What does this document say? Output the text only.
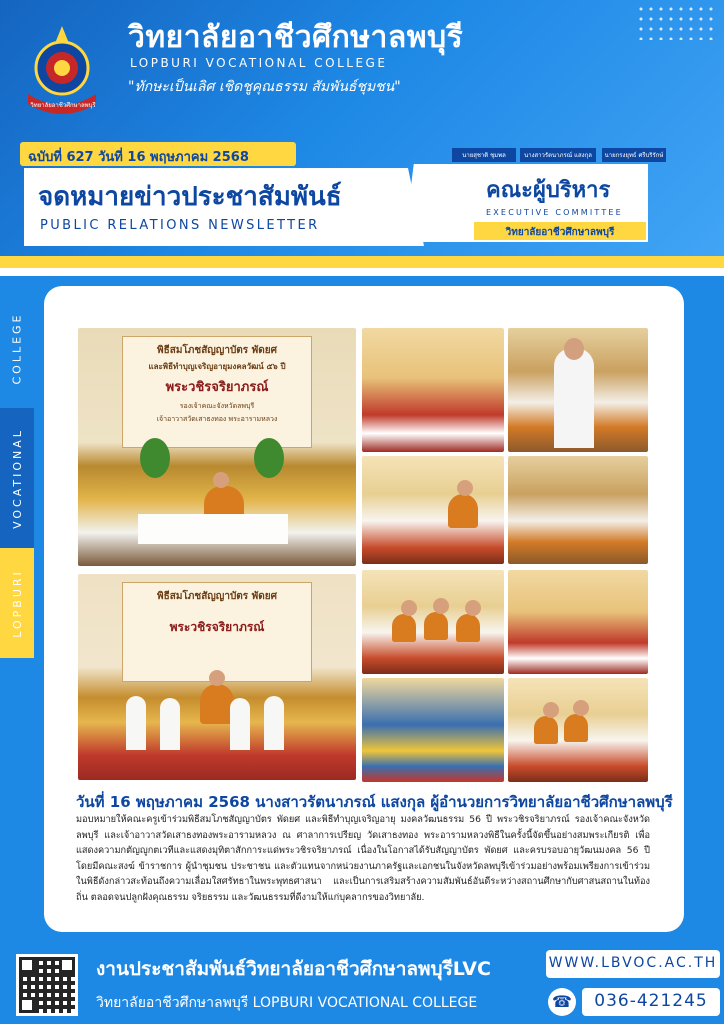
วิทยาลัยอาชีวศึกษาลพบุรี
วิทยาลัยอาชีวศึกษาลพบุรี
LOPBURI VOCATIONAL COLLEGE
"ทักษะเป็นเลิศ เชิดชูคุณธรรม สัมพันธ์ชุมชน"
นายสุชาติ ชุมพล	นางสาวรัตนาภรณ์ แสงกุล	นายกรงยุทธ์ ศรีบริรักษ์
ฉบับที่ 627 วันที่ 16 พฤษภาคม 2568
จดหมายข่าวประชาสัมพันธ์
PUBLIC RELATIONS NEWSLETTER
คณะผู้บริหาร
EXECUTIVE COMMITTEE
วิทยาลัยอาชีวศึกษาลพบุรี
COLLEGE
VOCATIONAL
LOPBURI
พิธีสมโภชสัญญาบัตร พัดยศ
และพิธีทำบุญเจริญอายุมงคลวัฒน์ ๕๖ ปี
พระวชิรจริยาภรณ์
รองเจ้าคณะจังหวัดลพบุรี
เจ้าอาวาสวัดเสาธงทอง พระอารามหลวง
พิธีสมโภชสัญญาบัตร พัดยศ
พระวชิรจริยาภรณ์
วันที่ 16 พฤษภาคม 2568 นางสาวรัตนาภรณ์ แสงกุล ผู้อำนวยการวิทยาลัยอาชีวศึกษาลพบุรี
มอบหมายให้คณะครูเข้าร่วมพิธีสมโภชสัญญาบัตร พัดยศ และพิธีทำบุญเจริญอายุ มงคลวัฒนธรรม 56 ปี พระวชิรจริยาภรณ์ รองเจ้าคณะจังหวัดลพบุรี และเจ้าอาวาสวัดเสาธงทองพระอารามหลวง ณ ศาลาการเปรียญ วัดเสาธงทอง พระอารามหลวงพิธีในครั้งนี้จัดขึ้นอย่างสมพระเกียรติ เพื่อแสดงความกตัญญูกตเวทีและแสดงมุทิตาสักการะแด่พระวชิรจริยาภรณ์ เนื่องในโอกาสได้รับสัญญาบัตร พัดยศ และครบรอบอายุวัฒนมงคล 56 ปี โดยมีคณะสงฆ์ ข้าราชการ ผู้นำชุมชน ประชาชน และตัวแทนจากหน่วยงานภาครัฐและเอกชนในจังหวัดลพบุรีเข้าร่วมอย่างพร้อมเพรียงการเข้าร่วมในพิธีดังกล่าวสะท้อนถึงความเลื่อมใสศรัทธาในพระพุทธศาสนา และเป็นการเสริมสร้างความสัมพันธ์อันดีระหว่างสถานศึกษากับศาสนสถานในท้องถิ่น ตลอดจนปลูกฝังคุณธรรม จริยธรรม และวัฒนธรรมที่ดีงามให้แก่บุคลากรของวิทยาลัย.
งานประชาสัมพันธ์วิทยาลัยอาชีวศึกษาลพบุรีLVC
วิทยาลัยอาชีวศึกษาลพบุรี LOPBURI VOCATIONAL COLLEGE
WWW.LBVOC.AC.TH
☎	036-421245
